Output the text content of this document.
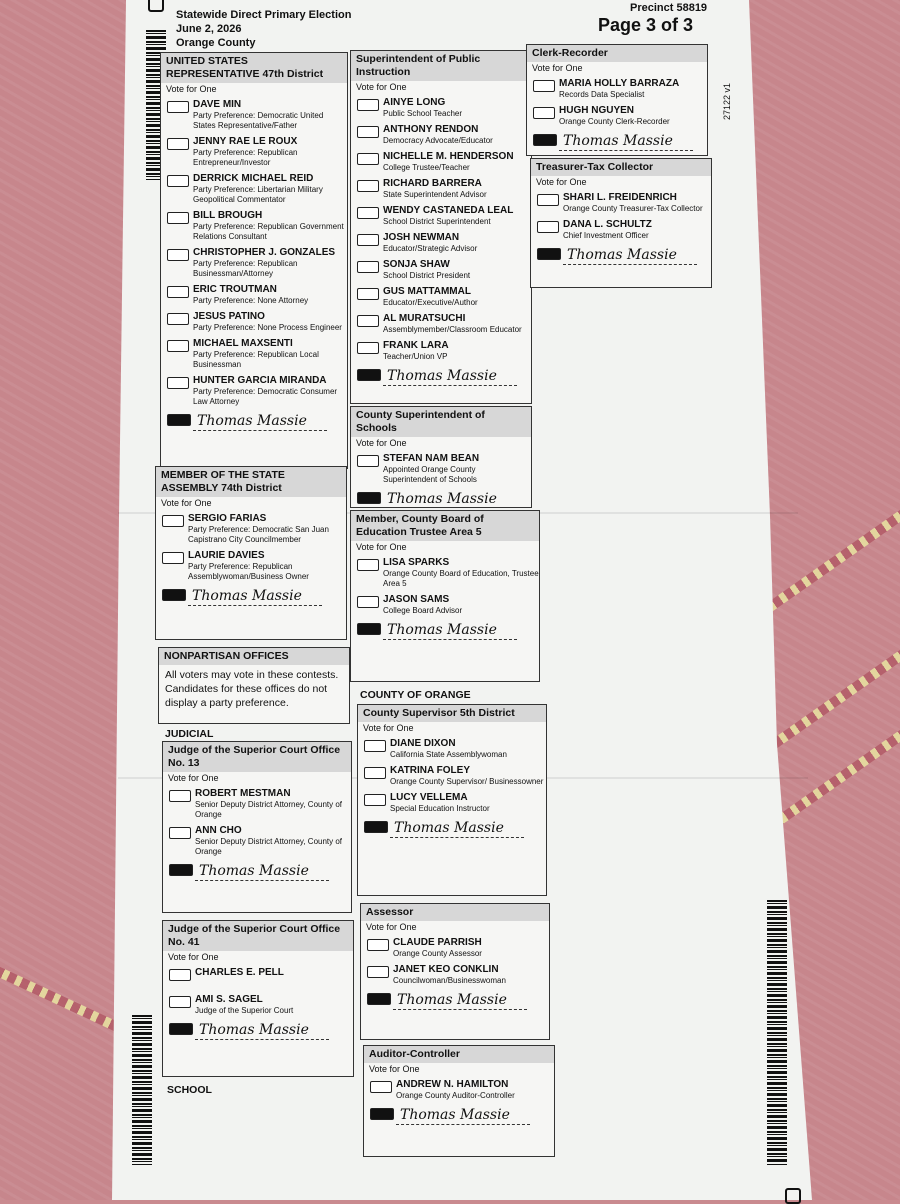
Statewide Direct Primary Election
June 2, 2026
Orange County
Precinct 58819
Page 3 of 3
27122 v1
UNITED STATES REPRESENTATIVE 47th District
Vote for One
DAVE MIN
Party Preference: Democratic United States Representative/Father
JENNY RAE LE ROUX
Party Preference: Republican Entrepreneur/Investor
DERRICK MICHAEL REID
Party Preference: Libertarian Military Geopolitical Commentator
BILL BROUGH
Party Preference: Republican Government Relations Consultant
CHRISTOPHER J. GONZALES
Party Preference: Republican Businessman/Attorney
ERIC TROUTMAN
Party Preference: None Attorney
JESUS PATINO
Party Preference: None Process Engineer
MICHAEL MAXSENTI
Party Preference: Republican Local Businessman
HUNTER GARCIA MIRANDA
Party Preference: Democratic Consumer Law Attorney
Thomas Massie
MEMBER OF THE STATE ASSEMBLY 74th District
Vote for One
SERGIO FARIAS
Party Preference: Democratic San Juan Capistrano City Councilmember
LAURIE DAVIES
Party Preference: Republican Assemblywoman/Business Owner
Thomas Massie
NONPARTISAN OFFICES
All voters may vote in these contests. Candidates for these offices do not display a party preference.
JUDICIAL
Judge of the Superior Court Office No. 13
Vote for One
ROBERT MESTMAN
Senior Deputy District Attorney, County of Orange
ANN CHO
Senior Deputy District Attorney, County of Orange
Thomas Massie
Judge of the Superior Court Office No. 41
Vote for One
CHARLES E. PELL
AMI S. SAGEL
Judge of the Superior Court
Thomas Massie
SCHOOL
Superintendent of Public Instruction
Vote for One
AINYE LONG
Public School Teacher
ANTHONY RENDON
Democracy Advocate/Educator
NICHELLE M. HENDERSON
College Trustee/Teacher
RICHARD BARRERA
State Superintendent Advisor
WENDY CASTANEDA LEAL
School District Superintendent
JOSH NEWMAN
Educator/Strategic Advisor
SONJA SHAW
School District President
GUS MATTAMMAL
Educator/Executive/Author
AL MURATSUCHI
Assemblymember/Classroom Educator
FRANK LARA
Teacher/Union VP
Thomas Massie
County Superintendent of Schools
Vote for One
STEFAN NAM BEAN
Appointed Orange County Superintendent of Schools
Thomas Massie
Member, County Board of Education Trustee Area 5
Vote for One
LISA SPARKS
Orange County Board of Education, Trustee Area 5
JASON SAMS
College Board Advisor
Thomas Massie
COUNTY OF ORANGE
County Supervisor 5th District
Vote for One
DIANE DIXON
California State Assemblywoman
KATRINA FOLEY
Orange County Supervisor/ Businessowner
LUCY VELLEMA
Special Education Instructor
Thomas Massie
Assessor
Vote for One
CLAUDE PARRISH
Orange County Assessor
JANET KEO CONKLIN
Councilwoman/Businesswoman
Thomas Massie
Auditor-Controller
Vote for One
ANDREW N. HAMILTON
Orange County Auditor-Controller
Thomas Massie
Clerk-Recorder
Vote for One
MARIA HOLLY BARRAZA
Records Data Specialist
HUGH NGUYEN
Orange County Clerk-Recorder
Thomas Massie
Treasurer-Tax Collector
Vote for One
SHARI L. FREIDENRICH
Orange County Treasurer-Tax Collector
DANA L. SCHULTZ
Chief Investment Officer
Thomas Massie
